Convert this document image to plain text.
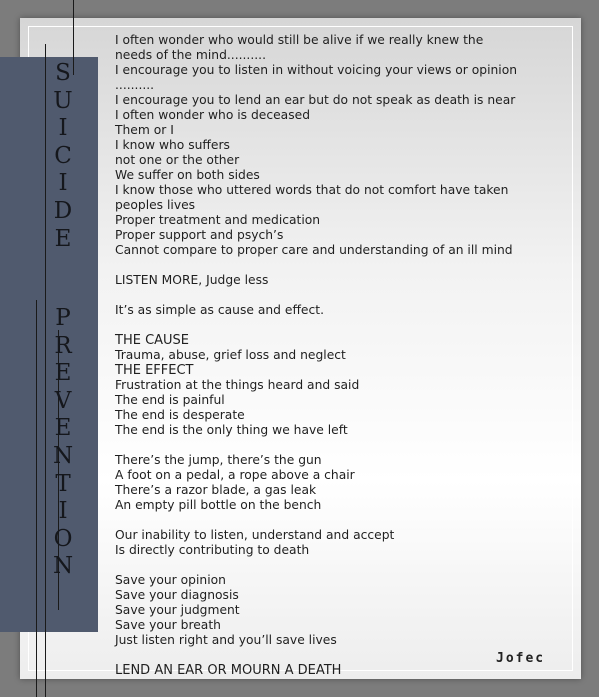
S
U
I
C
I
D
E
P
R
E
V
E
N
T
I
O
N
I often wonder who would still be alive if we really knew the
needs of the mind..........
I encourage you to listen in without voicing your views or opinion
..........
I encourage you to lend an ear but do not speak as death is near
I often wonder who is deceased
Them or I
I know who suffers
not one or the other
We suffer on both sides
I know those who uttered words that do not comfort have taken
peoples lives
Proper treatment and medication
Proper support and psych’s
Cannot compare to proper care and understanding of an ill mind
LISTEN MORE, Judge less
It’s as simple as cause and effect.
THE CAUSE
Trauma, abuse, grief loss and neglect
THE EFFECT
Frustration at the things heard and said
The end is painful
The end is desperate
The end is the only thing we have left
There’s the jump, there’s the gun
A foot on a pedal, a rope above a chair
There’s a razor blade, a gas leak
An empty pill bottle on the bench
Our inability to listen, understand and accept
Is directly contributing to death
Save your opinion
Save your diagnosis
Save your judgment
Save your breath
Just listen right and you’ll save lives
LEND AN EAR OR MOURN A DEATH
Jofec
